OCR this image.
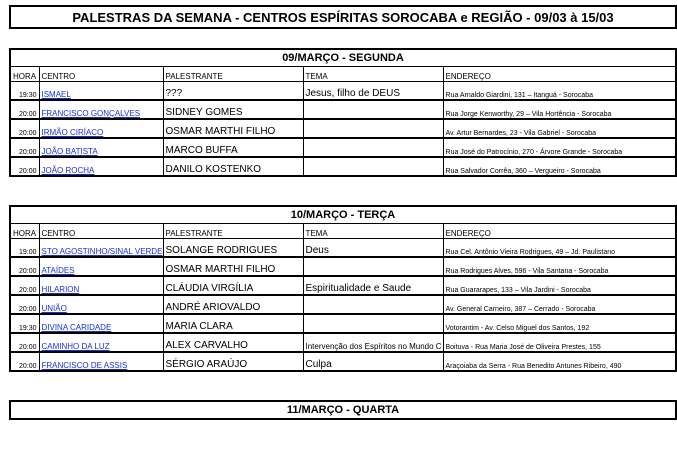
PALESTRAS DA SEMANA - CENTROS ESPÍRITAS SOROCABA e REGIÃO - 09/03 à 15/03
09/MARÇO - SEGUNDA
HORA	CENTRO	PALESTRANTE	TEMA	ENDEREÇO
19:30	ISMAEL	???	Jesus, filho de DEUS	Rua Arnaldo Giardini, 131 – Itanguá - Sorocaba
20:00	FRANCISCO GONÇALVES	SIDNEY GOMES		Rua Jorge Kenworthy, 29 – Vila Hortência - Sorocaba
20:00	IRMÃO CIRÍACO	OSMAR MARTHI FILHO		Av. Artur Bernardes, 23 - Vila Gabriel - Sorocaba
20:00	JOÃO BATISTA	MARCO BUFFA		Rua José do Patrocínio, 270 - Árvore Grande - Sorocaba
20:00	JOÃO ROCHA	DANILO KOSTENKO		Rua Salvador Corrêa, 360 – Vergueiro - Sorocaba
10/MARÇO - TERÇA
HORA	CENTRO	PALESTRANTE	TEMA	ENDEREÇO
19:00	STO AGOSTINHO/SINAL VERDE	SOLANGE RODRIGUES	Deus	Rua Cel. Antônio Vieira Rodrigues, 49 – Jd. Paulistano
20:00	ATAÍDES	OSMAR MARTHI FILHO		Rua Rodrigues Alves, 596 - Vila Santana - Sorocaba
20:00	HILARION	CLÁUDIA VIRGÍLIA	Espiritualidade e Saude	Rua Guararapes, 133 – Vila Jardini - Sorocaba
20:00	UNIÃO	ANDRÉ ARIOVALDO		Av. General Carneiro, 387 – Cerrado - Sorocaba
19:30	DIVINA CARIDADE	MARIA CLARA		Votorantim - Av. Celso Miguel dos Santos, 192
20:00	CAMINHO DA LUZ	ALEX CARVALHO	Intervenção dos Espíritos no Mundo C	Boituva - Rua Maria José de Oliveira Prestes, 155
20:00	FRANCISCO DE ASSIS	SÉRGIO ARAÚJO	Culpa	Araçoiaba da Serra - Rua Benedito Antunes Ribeiro, 490
11/MARÇO - QUARTA
